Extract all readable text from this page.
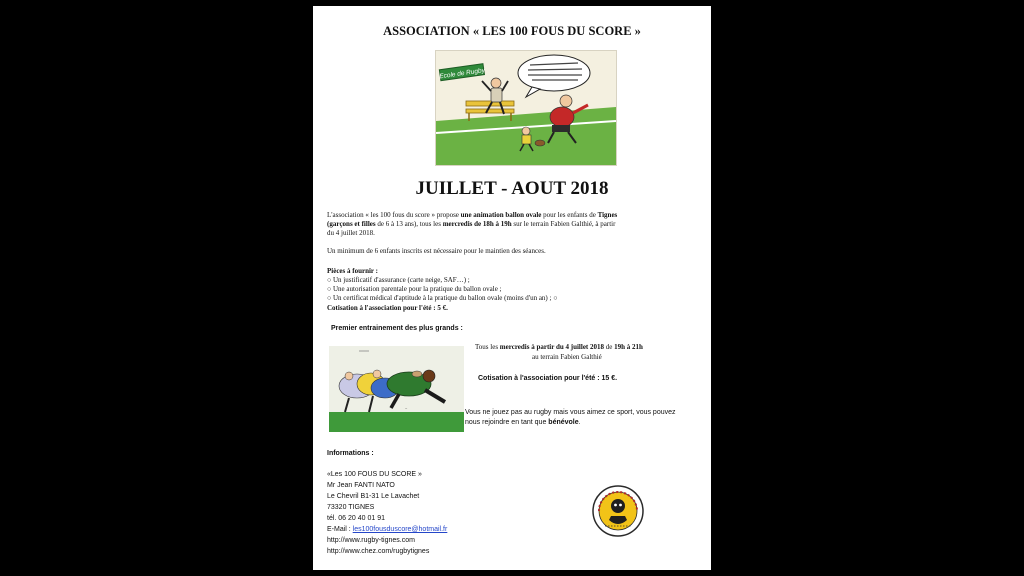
ASSOCIATION « LES 100 FOUS DU SCORE »
Ecole de Rugby
JUILLET - AOUT 2018
L'association « les 100 fous du score » propose une animation ballon ovale pour les enfants de Tignes
(garçons et filles de 6 à 13 ans), tous les mercredis de 18h à 19h sur le terrain Fabien Galthié, à partir
du 4 juillet 2018.
Un minimum de 6 enfants inscrits est nécessaire pour le maintien des séances.
Pièces à fournir :
○ Un justificatif d'assurance (carte neige, SAF…) ;
○ Une autorisation parentale pour la pratique du ballon ovale ;
○ Un certificat médical d'aptitude à la pratique du ballon ovale (moins d'un an) ; ○
Cotisation à l'association pour l'été : 5 €.
Premier entrainement des plus grands :
~
Tous les mercredis à partir du 4 juillet 2018 de 19h à 21h
au terrain Fabien Galthié
Cotisation à l'association pour l'été : 15 €.
Vous ne jouez pas au rugby mais vous aimez ce sport, vous pouvez
nous rejoindre en tant que bénévole.
Informations :
«Les 100 FOUS DU SCORE »
Mr Jean FANTI NATO
Le Chevril B1-31 Le Lavachet
73320 TIGNES
tél. 06 20 40 01 91
E-Mail : les100fousduscore@hotmail.fr
http://www.rugby-tignes.com
http://www.chez.com/rugbytignes
